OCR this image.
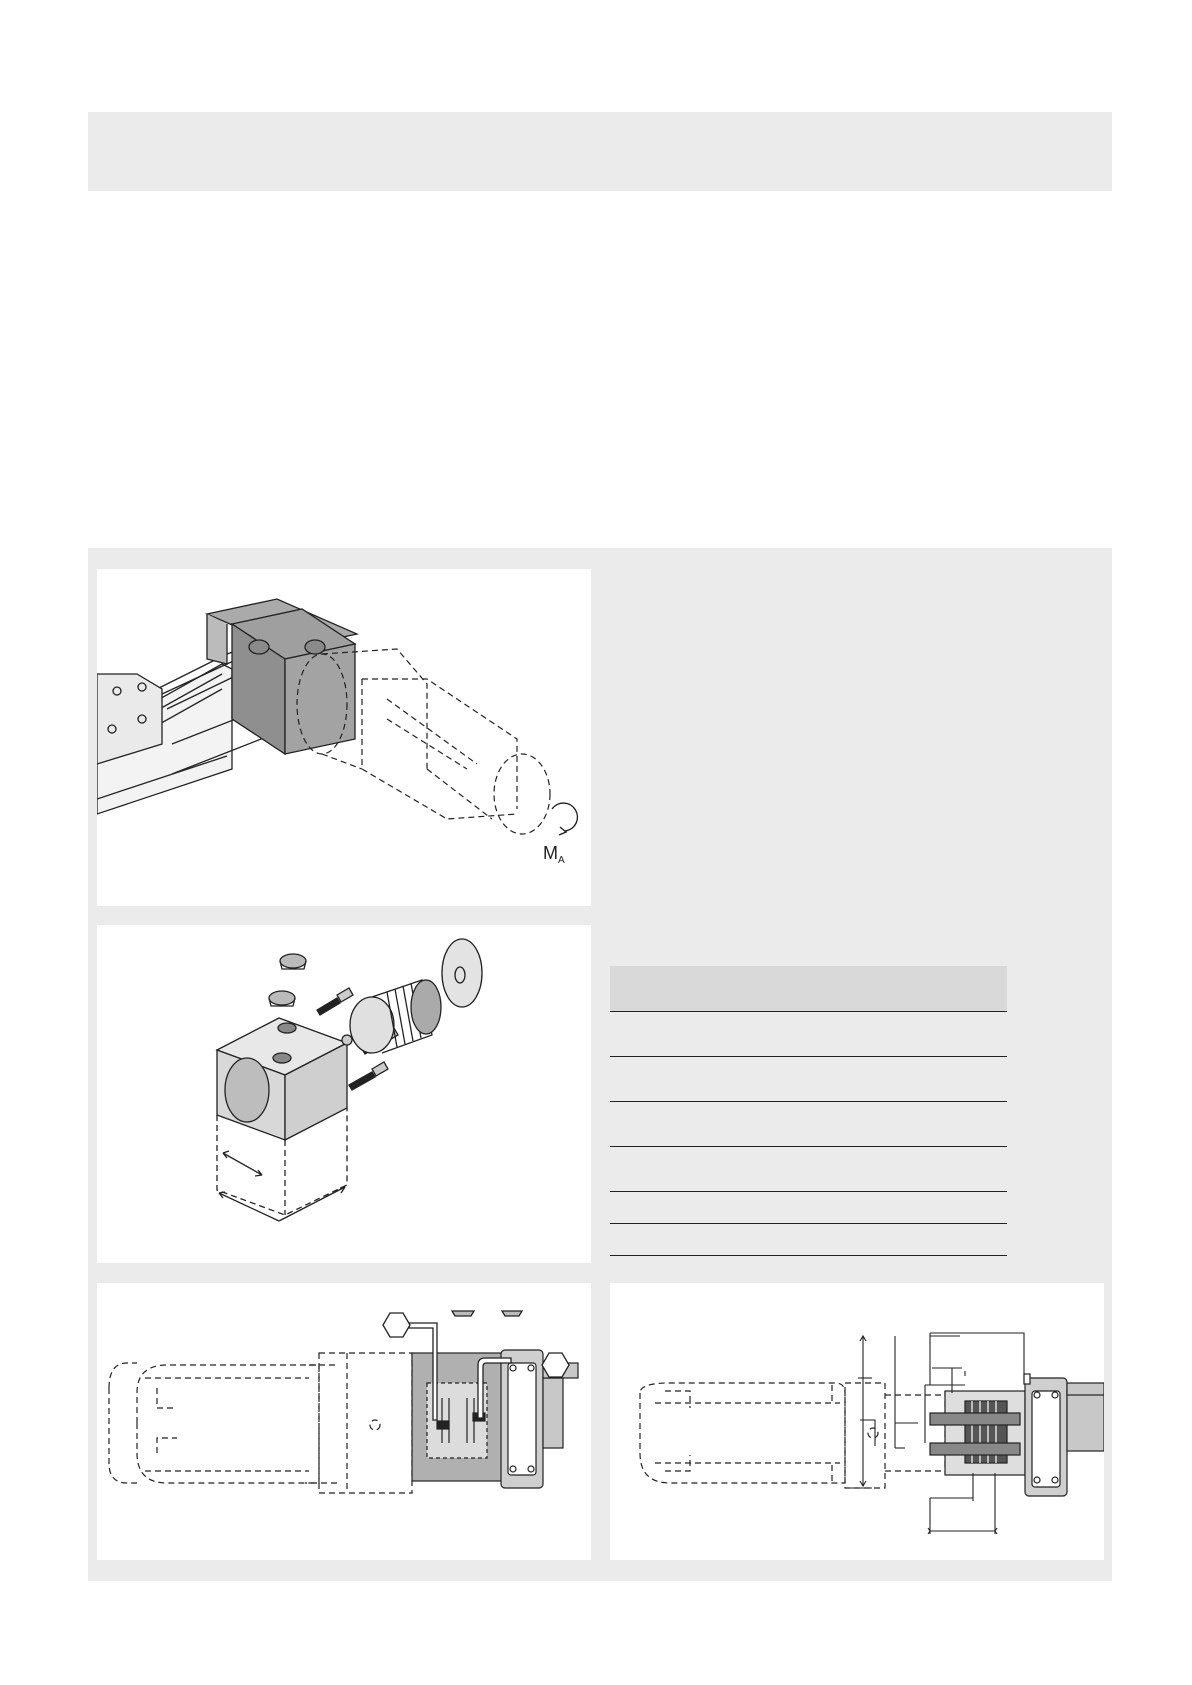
M A
